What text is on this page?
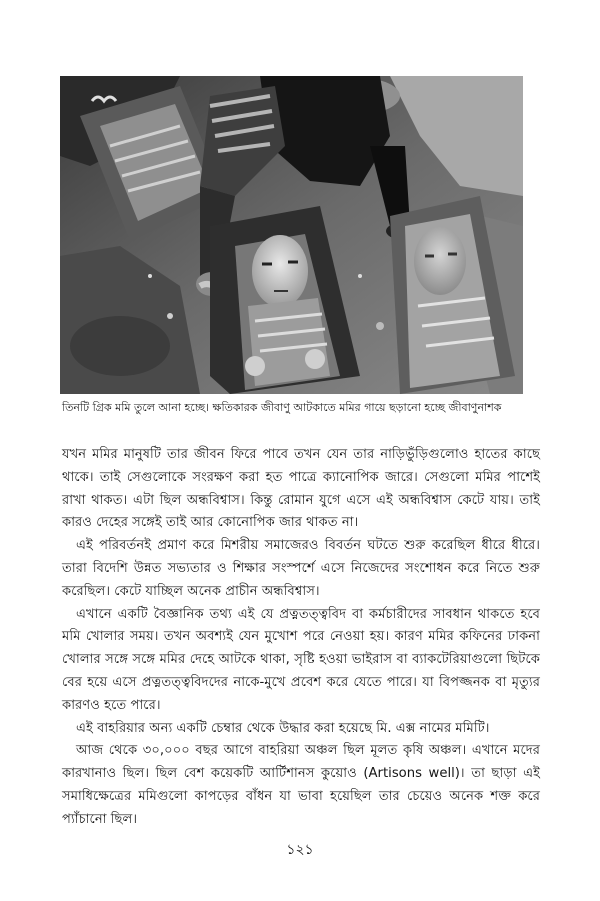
তিনটি গ্রিক মমি তুলে আনা হচ্ছে। ক্ষতিকারক জীবাণু আটকাতে মমির গায়ে ছড়ানো হচ্ছে জীবাণুনাশক

যখন মমির মানুষটি তার জীবন ফিরে পাবে তখন যেন তার নাড়িভুঁড়িগুলোও হাতের কাছে থাকে। তাই সেগুলোকে সংরক্ষণ করা হত পাত্রে ক্যানোপিক জারে। সেগুলো মমির পাশেই রাখা থাকত। এটা ছিল অন্ধবিশ্বাস। কিন্তু রোমান যুগে এসে এই অন্ধবিশ্বাস কেটে যায়। তাই কারও দেহের সঙ্গেই তাই আর কোনোপিক জার থাকত না।

এই পরিবর্তনই প্রমাণ করে মিশরীয় সমাজেরও বিবর্তন ঘটতে শুরু করেছিল ধীরে ধীরে। তারা বিদেশি উন্নত সভ্যতার ও শিক্ষার সংস্পর্শে এসে নিজেদের সংশোধন করে নিতে শুরু করেছিল। কেটে যাচ্ছিল অনেক প্রাচীন অন্ধবিশ্বাস।

এখানে একটি বৈজ্ঞানিক তথ্য এই যে প্রত্নতত্ত্ববিদ বা কর্মচারীদের সাবধান থাকতে হবে মমি খোলার সময়। তখন অবশ্যই যেন মুখোশ পরে নেওয়া হয়। কারণ মমির কফিনের ঢাকনা খোলার সঙ্গে সঙ্গে মমির দেহে আটকে থাকা, সৃষ্টি হওয়া ভাইরাস বা ব্যাকটেরিয়াগুলো ছিটকে বের হয়ে এসে প্রত্নতত্ত্ববিদদের নাকে-মুখে প্রবেশ করে যেতে পারে। যা বিপজ্জনক বা মৃত্যুর কারণও হতে পারে।

এই বাহরিয়ার অন্য একটি চেম্বার থেকে উদ্ধার করা হয়েছে মি. এক্স নামের মমিটি।

আজ থেকে ৩০,০০০ বছর আগে বাহরিয়া অঞ্চল ছিল মূলত কৃষি অঞ্চল। এখানে মদের কারখানাও ছিল। ছিল বেশ কয়েকটি আর্টিশানস কুয়োও (Artisons well)। তা ছাড়া এই সমাধিক্ষেত্রের মমিগুলো কাপড়ের বাঁধন যা ভাবা হয়েছিল তার চেয়েও অনেক শক্ত করে প্যাঁচানো ছিল।

১২১
